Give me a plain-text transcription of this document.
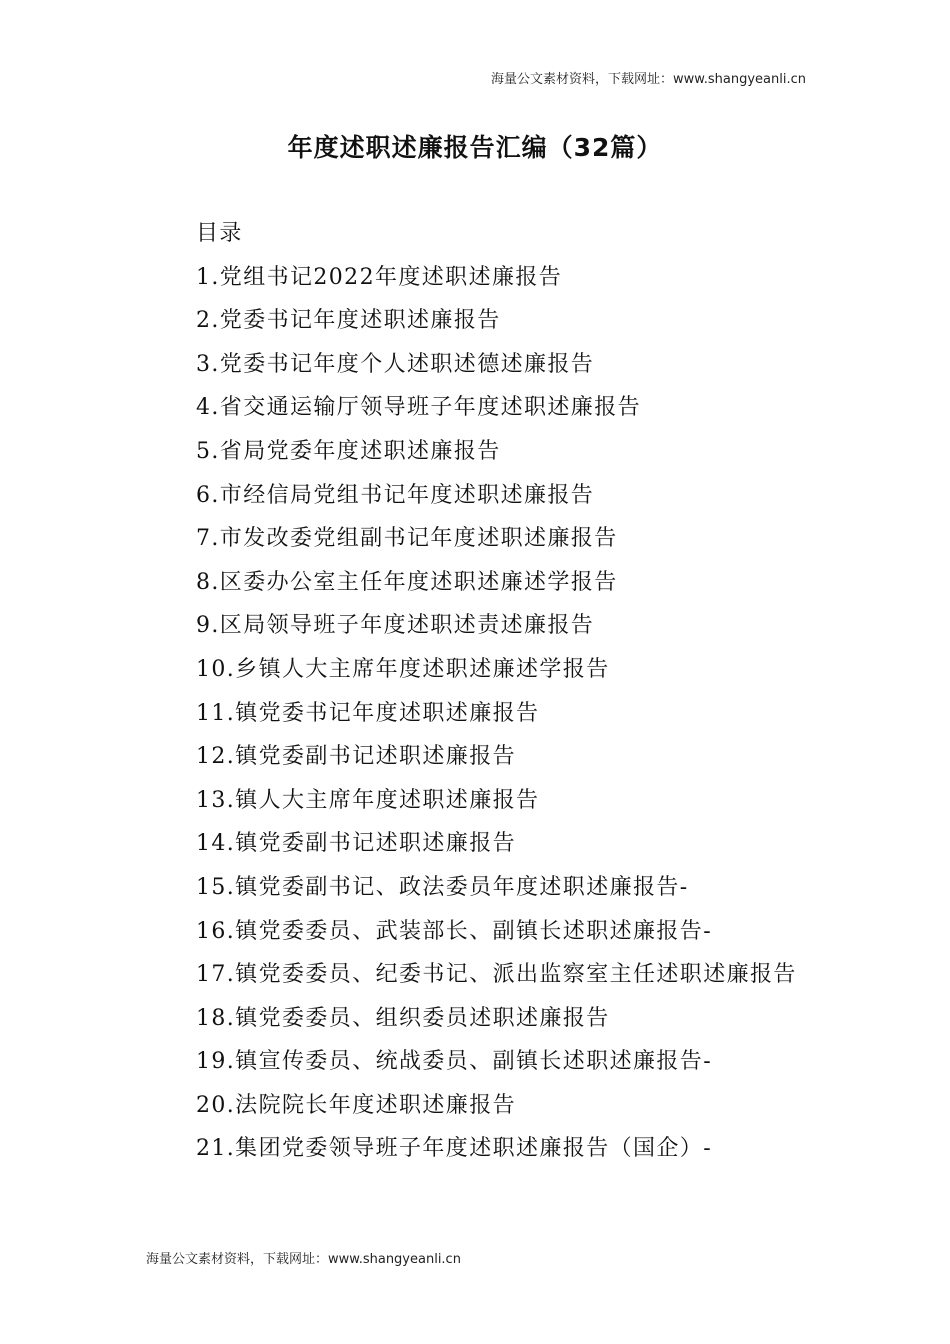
海量公文素材资料，下载网址：www.shangyeanli.cn
年度述职述廉报告汇编（32篇）

目录

1.党组书记2022年度述职述廉报告

2.党委书记年度述职述廉报告

3.党委书记年度个人述职述德述廉报告

4.省交通运输厅领导班子年度述职述廉报告

5.省局党委年度述职述廉报告

6.市经信局党组书记年度述职述廉报告

7.市发改委党组副书记年度述职述廉报告

8.区委办公室主任年度述职述廉述学报告

9.区局领导班子年度述职述责述廉报告

10.乡镇人大主席年度述职述廉述学报告

11.镇党委书记年度述职述廉报告

12.镇党委副书记述职述廉报告

13.镇人大主席年度述职述廉报告

14.镇党委副书记述职述廉报告

15.镇党委副书记、政法委员年度述职述廉报告-

16.镇党委委员、武装部长、副镇长述职述廉报告-

17.镇党委委员、纪委书记、派出监察室主任述职述廉报告

18.镇党委委员、组织委员述职述廉报告

19.镇宣传委员、统战委员、副镇长述职述廉报告-

20.法院院长年度述职述廉报告

21.集团党委领导班子年度述职述廉报告（国企）-

海量公文素材资料，下载网址：www.shangyeanli.cn
